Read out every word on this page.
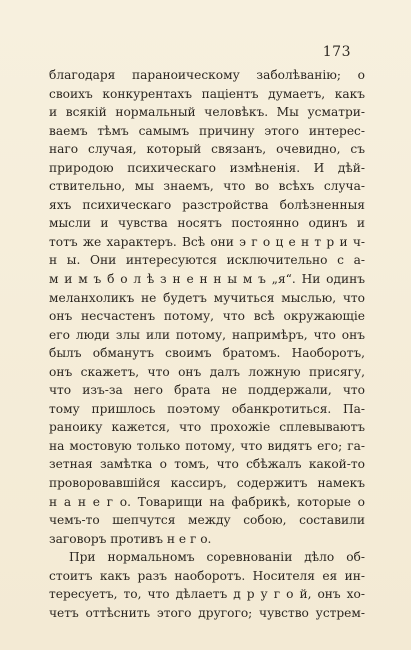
173
благодаря параноическому заболѣванію; о
своихъ конкурентахъ паціентъ думаетъ, какъ
и всякій нормальный человѣкъ. Мы усматри-
ваемъ тѣмъ самымъ причину этого интерес-
наго случая, который связанъ, очевидно, съ
природою психическаго измѣненія. И дѣй-
ствительно, мы знаемъ, что во всѣхъ случа-
яхъ психическаго разстройства болѣзненныя
мысли и чувства носятъ постоянно одинъ и
тотъ же характеръ. Всѣ они э г о ц е н т р и ч-
н ы. Они интересуются исключительно с а-
м и м ъ б о л ѣ з н е н н ы м ъ „я“. Ни одинъ
меланхоликъ не будетъ мучиться мыслью, что
онъ несчастенъ потому, что всѣ окружающіе
его люди злы или потому, напримѣръ, что онъ
былъ обманутъ своимъ братомъ. Наоборотъ,
онъ скажетъ, что онъ далъ ложную присягу,
что изъ-за него брата не поддержали, что
тому пришлось поэтому обанкротиться. Па-
раноику кажется, что прохожіе сплевываютъ
на мостовую только потому, что видятъ его; га-
зетная замѣтка о томъ, что сбѣжалъ какой-то
проворовавшійся кассиръ, содержитъ намекъ
н а н е г о. Товарищи на фабрикѣ, которые о
чемъ-то шепчутся между собою, составили
заговоръ противъ н е г о.
При нормальномъ соревнованіи дѣло об-
стоитъ какъ разъ наоборотъ. Носителя ея ин-
тересуетъ, то, что дѣлаетъ д р у г о й, онъ хо-
четъ оттѣснить этого другого; чувство устрем-
